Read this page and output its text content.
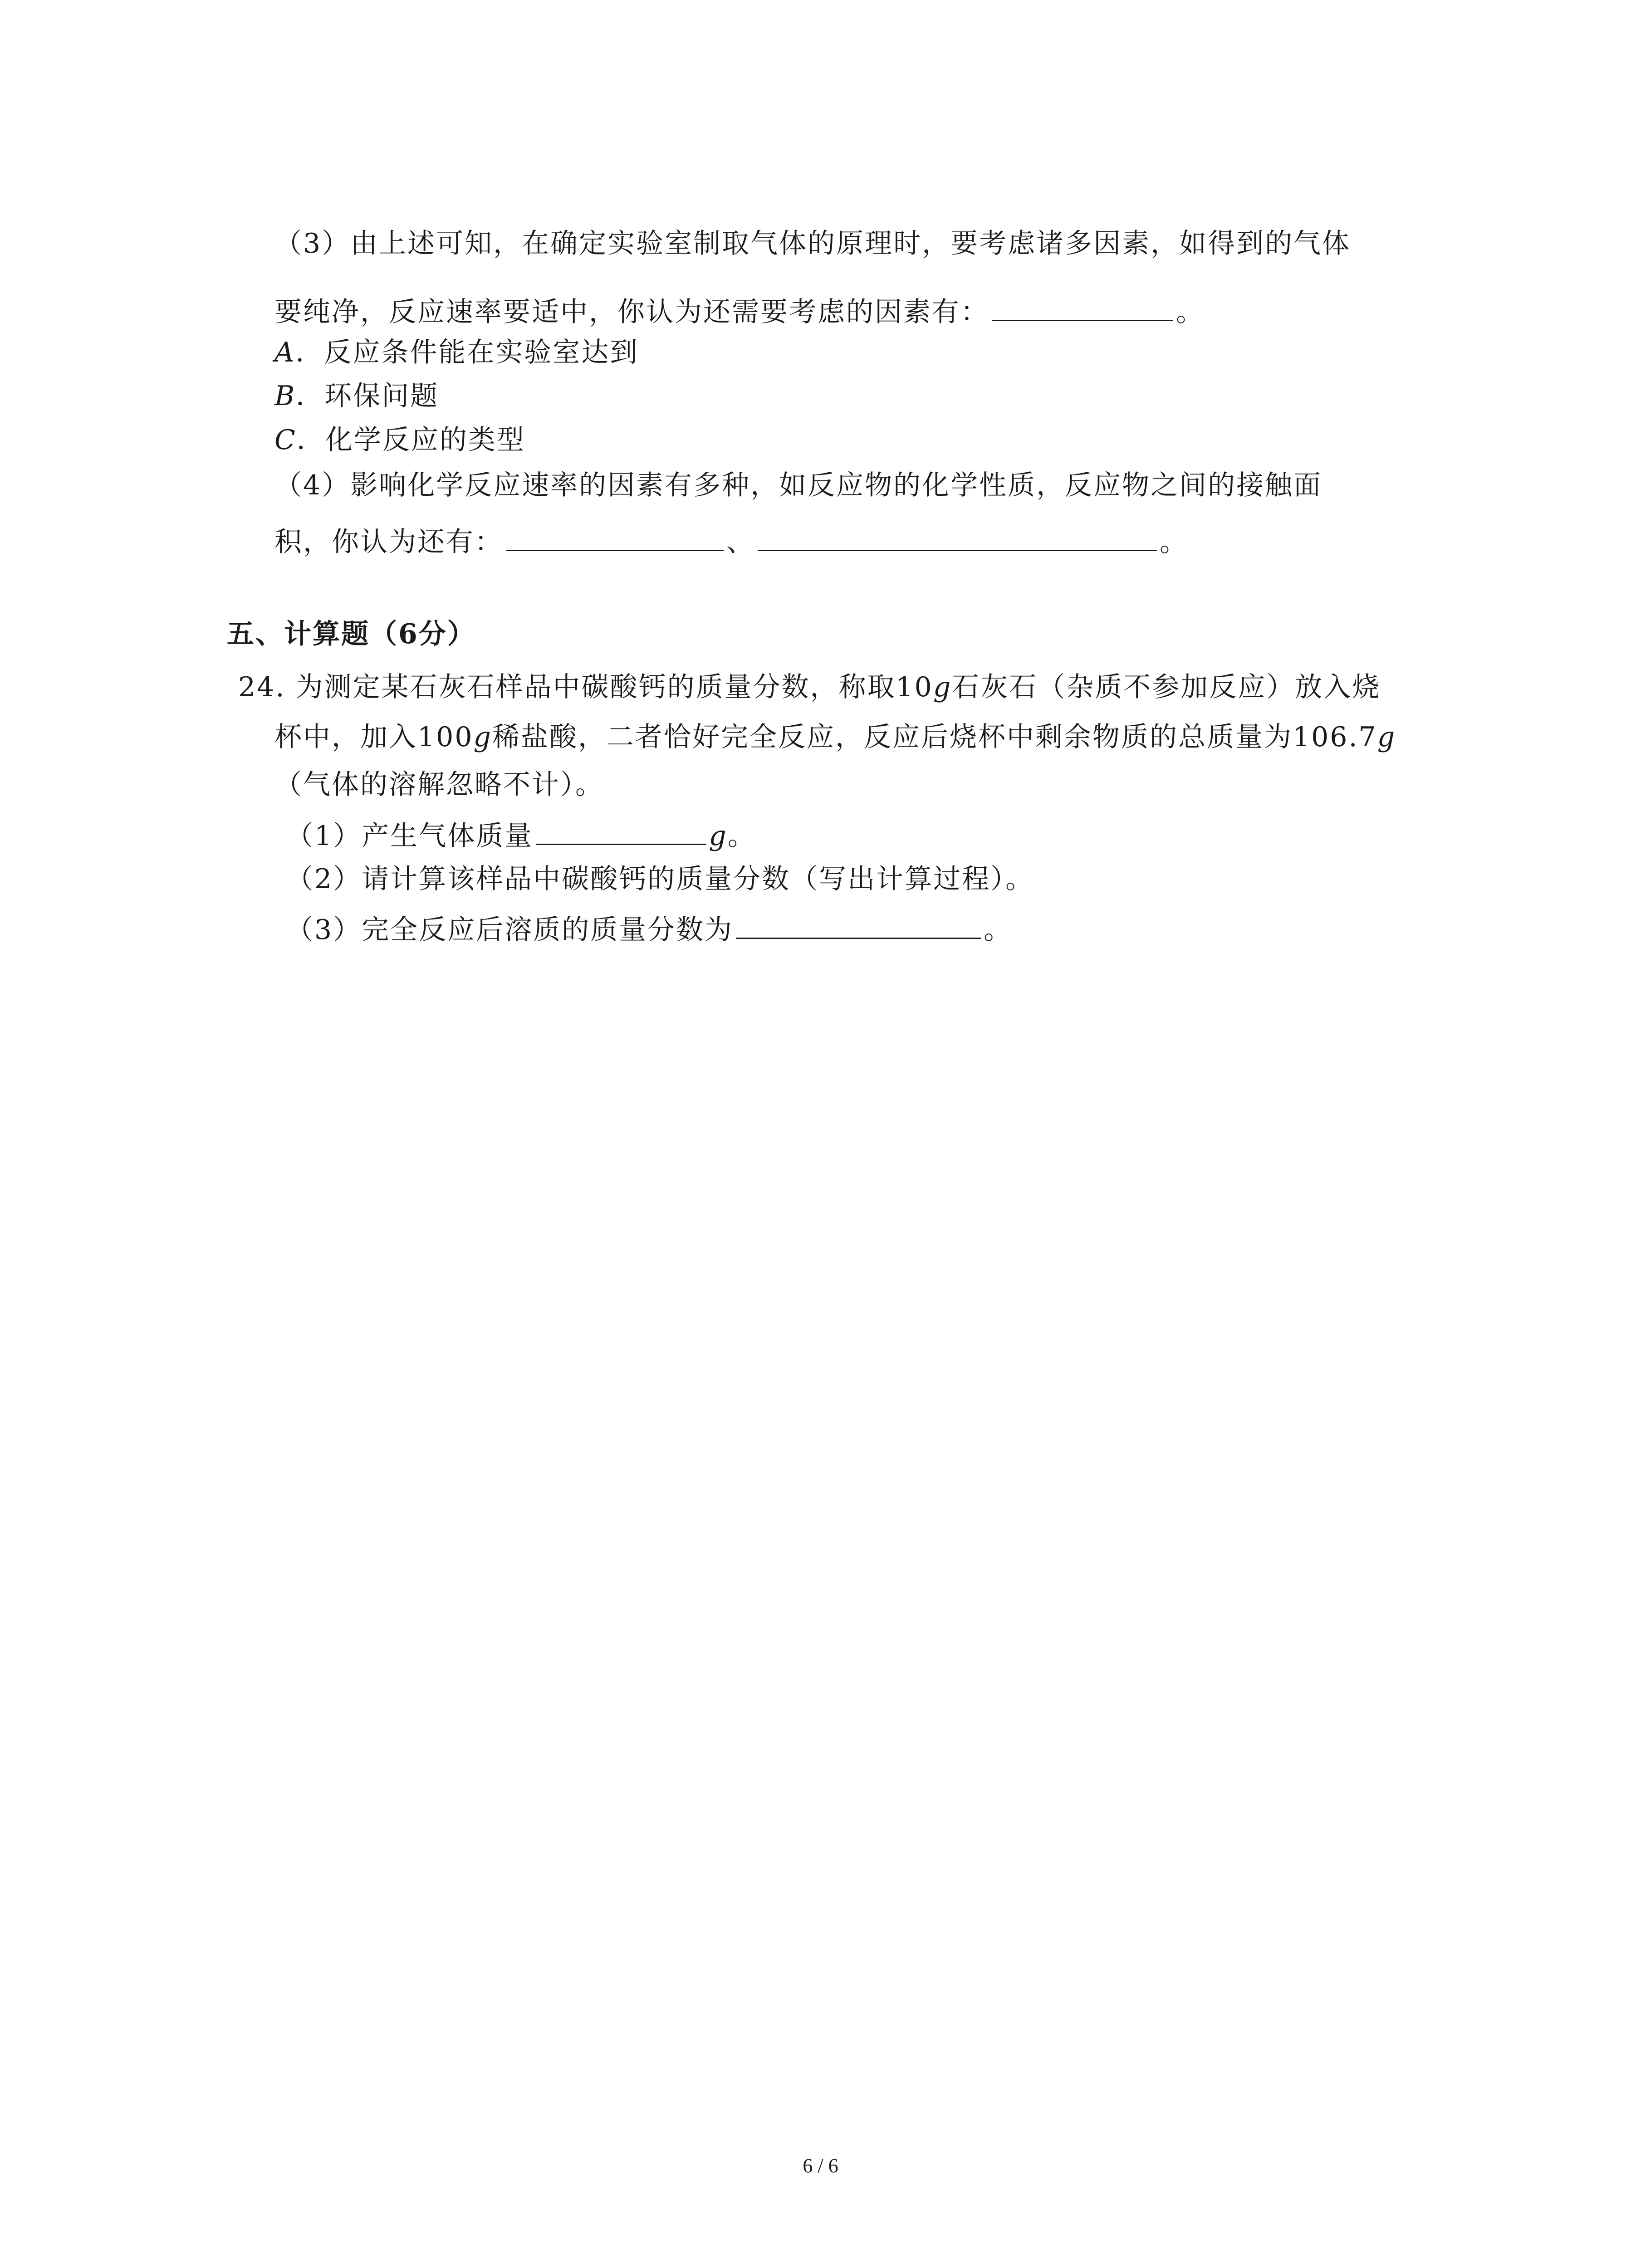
（3）由上述可知，在确定实验室制取气体的原理时，要考虑诸多因素，如得到的气体
要纯净，反应速率要适中，你认为还需要考虑的因素有：	。
A．反应条件能在实验室达到
B．环保问题
C．化学反应的类型
（4）影响化学反应速率的因素有多种，如反应物的化学性质，反应物之间的接触面
积，你认为还有：	、	。
五、计算题（6分）
24. 为测定某石灰石样品中碳酸钙的质量分数，称取10g石灰石（杂质不参加反应）放入烧
杯中，加入100g稀盐酸，二者恰好完全反应，反应后烧杯中剩余物质的总质量为106.7g
（气体的溶解忽略不计）。
（1）产生气体质量	g。
（2）请计算该样品中碳酸钙的质量分数（写出计算过程）。
（3）完全反应后溶质的质量分数为	。
6 / 6
